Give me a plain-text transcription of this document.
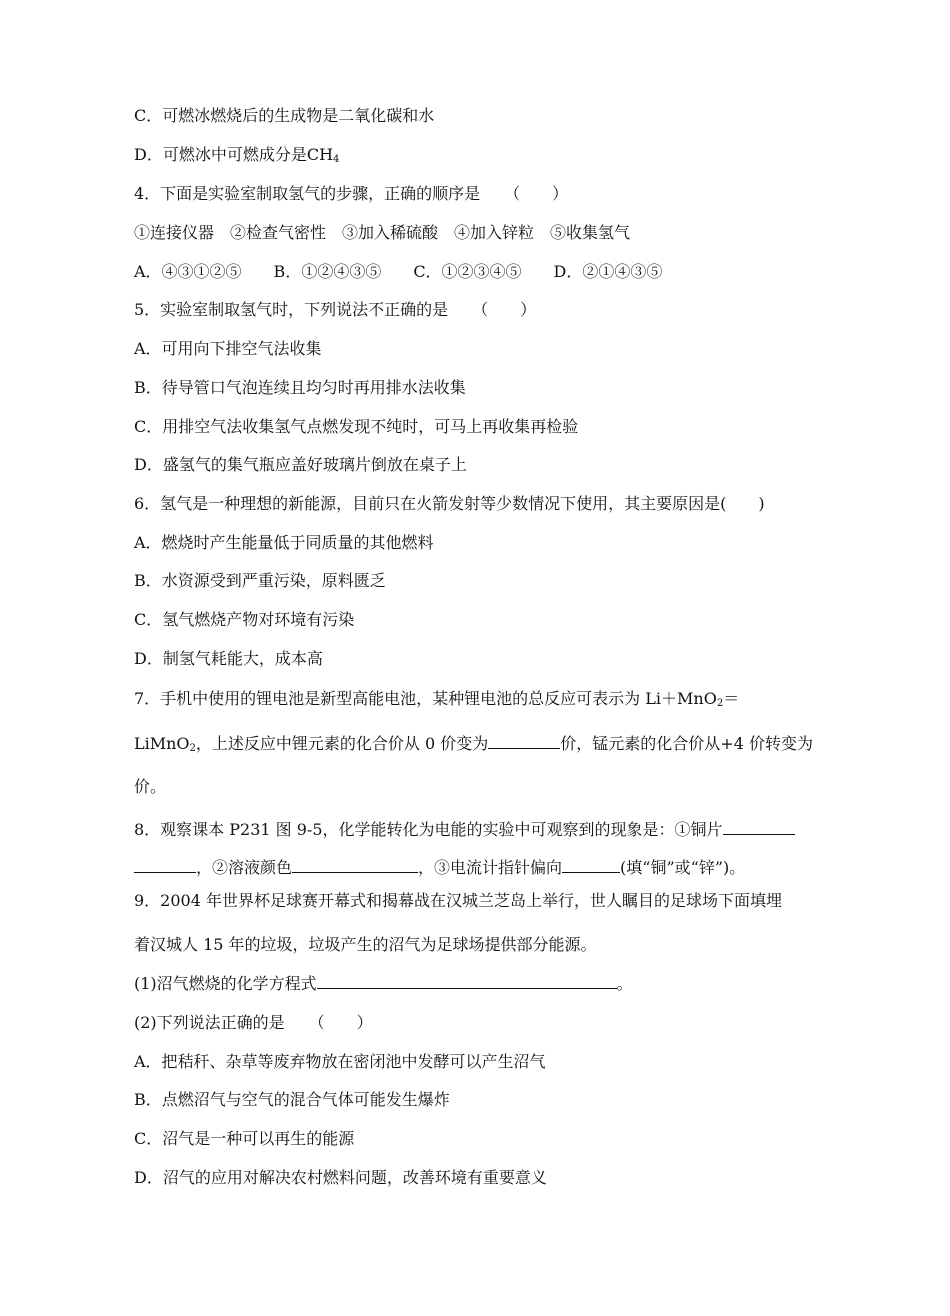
C．可燃冰燃烧后的生成物是二氧化碳和水
D．可燃冰中可燃成分是$CH_4$
4．下面是实验室制取氢气的步骤，正确的顺序是　　（　　）
①连接仪器　②检查气密性　③加入稀硫酸　④加入锌粒　⑤收集氢气
A．④③①②⑤　　B．①②④③⑤　　C．①②③④⑤　　D．②①④③⑤
5．实验室制取氢气时，下列说法不正确的是　　（　　）
A．可用向下排空气法收集
B．待导管口气泡连续且均匀时再用排水法收集
C．用排空气法收集氢气点燃发现不纯时，可马上再收集再检验
D．盛氢气的集气瓶应盖好玻璃片倒放在桌子上
6．氢气是一种理想的新能源，目前只在火箭发射等少数情况下使用，其主要原因是(　　)
A．燃烧时产生能量低于同质量的其他燃料
B．水资源受到严重污染，原料匮乏
C．氢气燃烧产物对环境有污染
D．制氢气耗能大，成本高
7．手机中使用的锂电池是新型高能电池，某种锂电池的总反应可表示为 Li＋MnO$_2$＝
LiMnO$_2$，上述反应中锂元素的化合价从 0 价变为	价，锰元素的化合价从+4 价转变为
价。
8．观察课本 P231 图 9-5，化学能转化为电能的实验中可观察到的现象是：①铜片
，②溶液颜色	，③电流计指针偏向	(填“铜”或“锌”)。
9．2004 年世界杯足球赛开幕式和揭幕战在汉城兰芝岛上举行，世人瞩目的足球场下面填埋
着汉城人 15 年的垃圾，垃圾产生的沼气为足球场提供部分能源。
(1)沼气燃烧的化学方程式	。
(2)下列说法正确的是　　（　　）
A．把秸秆、杂草等废弃物放在密闭池中发酵可以产生沼气
B．点燃沼气与空气的混合气体可能发生爆炸
C．沼气是一种可以再生的能源
D．沼气的应用对解决农村燃料问题，改善环境有重要意义
